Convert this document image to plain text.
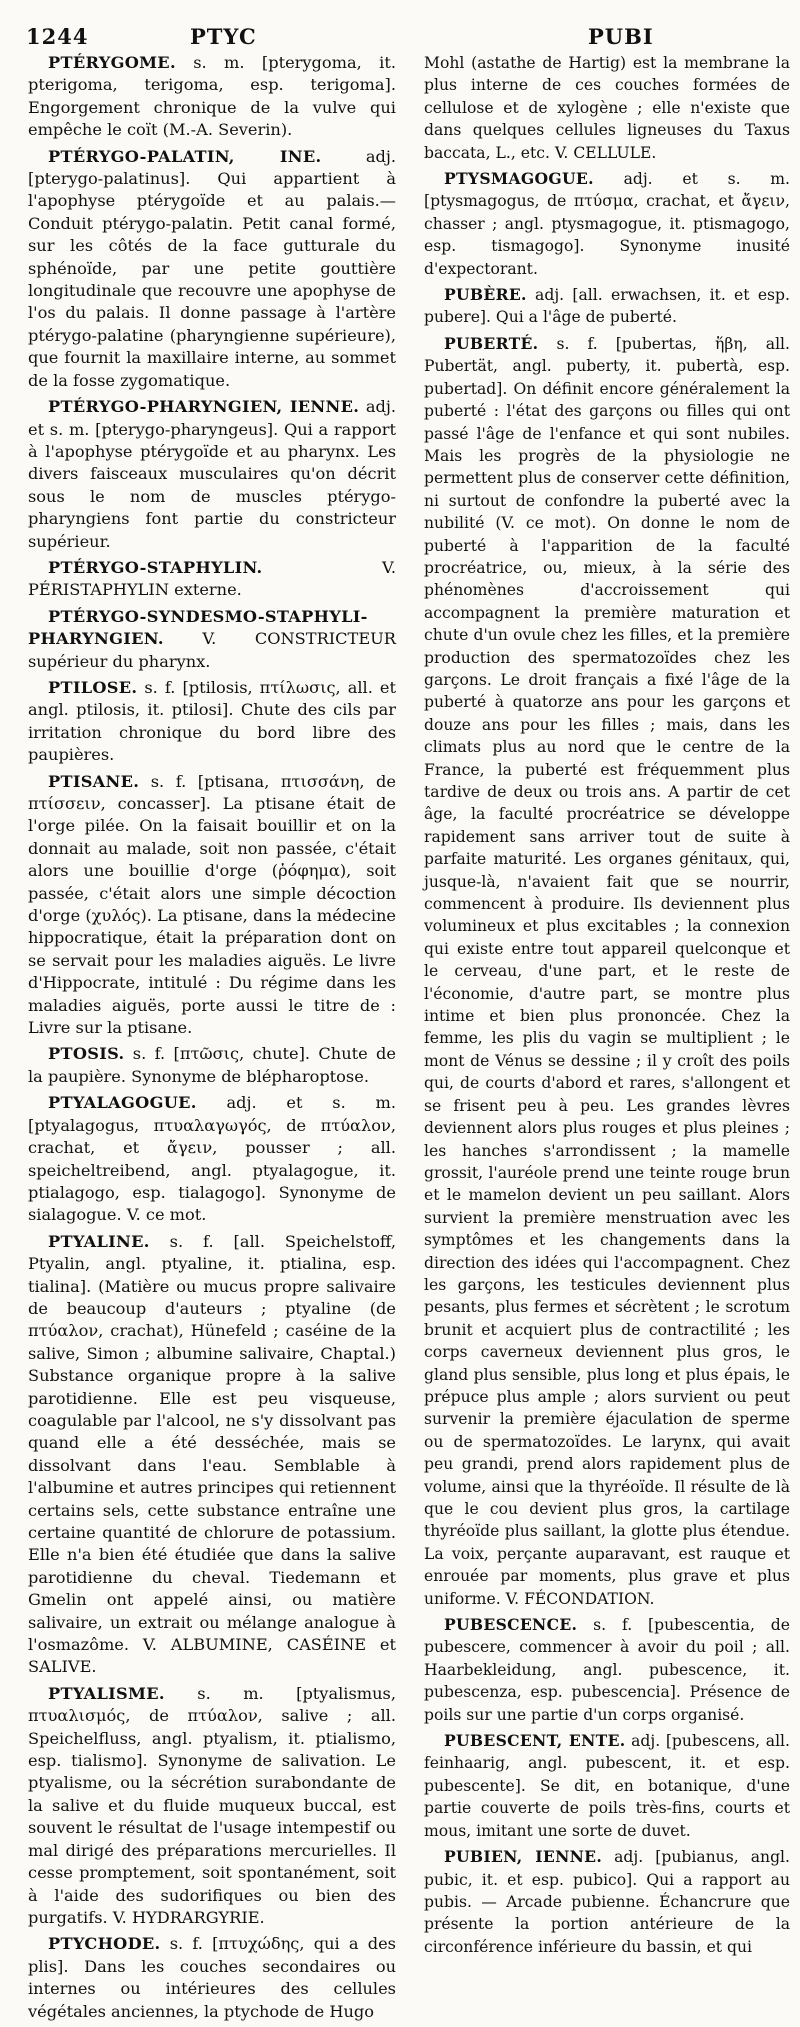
1244	PTYC	PUBI

PTÉRYGOME. s. m. [pterygoma, it. pterigoma, terigoma, esp. terigoma]. Engorgement chronique de la vulve qui empêche le coït (M.-A. Severin).

PTÉRYGO-PALATIN, INE.	adj. [pterygo-palatinus]. Qui appartient à l'apophyse ptérygoïde et au palais.— Conduit ptérygo-palatin. Petit canal formé, sur les côtés de la face gutturale du sphénoïde, par une petite gouttière longitudinale que recouvre une apophyse de l'os du palais. Il donne passage à l'artère ptérygo-palatine (pharyngienne supérieure), que fournit la maxillaire interne, au sommet de la fosse zygomatique.

PTÉRYGO-PHARYNGIEN, IENNE. adj. et s. m. [pterygo-pharyngeus]. Qui a rapport à l'apophyse ptérygoïde et au pharynx. Les divers faisceaux musculaires qu'on décrit sous le nom de muscles ptérygo-pharyngiens font partie du constricteur supérieur.

PTÉRYGO-STAPHYLIN.	V. PÉRISTAPHYLIN externe.

PTÉRYGO-SYNDESMO-STAPHYLI-PHARYNGIEN. V. CONSTRICTEUR supérieur du pharynx.

PTILOSE. s. f. [ptilosis, πτίλωσις, all. et angl. ptilosis, it. ptilosi]. Chute des cils par irritation chronique du bord libre des paupières.

PTISANE. s. f. [ptisana, πτισσάνη, de πτίσσειν, concasser]. La ptisane était de l'orge pilée. On la faisait bouillir et on la donnait au malade, soit non passée, c'était alors une bouillie d'orge (ῥόφημα), soit passée, c'était alors une simple décoction d'orge (χυλός). La ptisane, dans la médecine hippocratique, était la préparation dont on se servait pour les maladies aiguës. Le livre d'Hippocrate, intitulé : Du régime dans les maladies aiguës, porte aussi le titre de : Livre sur la ptisane.

PTOSIS. s. f. [πτῶσις, chute]. Chute de la paupière. Synonyme de blépharoptose.

PTYALAGOGUE. adj. et s. m. [ptyalagogus, πτυαλαγωγός, de πτύαλον, crachat, et ἄγειν, pousser ; all. speicheltreibend, angl. ptyalagogue, it. ptialagogo, esp. tialagogo]. Synonyme de sialagogue. V. ce mot.

PTYALINE. s. f. [all. Speichelstoff, Ptyalin, angl. ptyaline, it. ptialina, esp. tialina]. (Matière ou mucus propre salivaire de beaucoup d'auteurs ; ptyaline (de πτύαλον, crachat), Hünefeld ; caséine de la salive, Simon ; albumine salivaire, Chaptal.) Substance organique propre à la salive parotidienne. Elle est peu visqueuse, coagulable par l'alcool, ne s'y dissolvant pas quand elle a été desséchée, mais se dissolvant dans l'eau. Semblable à l'albumine et autres principes qui retiennent certains sels, cette substance entraîne une certaine quantité de chlorure de potassium. Elle n'a bien été étudiée que dans la salive parotidienne du cheval. Tiedemann et Gmelin ont appelé ainsi, ou matière salivaire, un extrait ou mélange analogue à l'osmazôme. V. ALBUMINE, CASÉINE et SALIVE.

PTYALISME. s. m. [ptyalismus, πτυαλισμός, de πτύαλον, salive ; all. Speichelfluss, angl. ptyalism, it. ptialismo, esp. tialismo]. Synonyme de salivation. Le ptyalisme, ou la sécrétion surabondante de la salive et du fluide muqueux buccal, est souvent le résultat de l'usage intempestif ou mal dirigé des préparations mercurielles. Il cesse promptement, soit spontanément, soit à l'aide des sudorifiques ou bien des purgatifs. V. HYDRARGYRIE.

PTYCHODE. s. f. [πτυχώδης, qui a des plis]. Dans les couches secondaires ou internes ou intérieures des cellules végétales anciennes, la ptychode de Hugo

Mohl (astathe de Hartig) est la membrane la plus interne de ces couches formées de cellulose et de xylogène ; elle n'existe que dans quelques cellules ligneuses du Taxus baccata, L., etc. V. CELLULE.

PTYSMAGOGUE. adj. et s. m. [ptysmagogus, de πτύσμα, crachat, et ἄγειν, chasser ; angl. ptysmagogue, it. ptismagogo, esp. tismagogo]. Synonyme inusité d'expectorant.

PUBÈRE. adj. [all. erwachsen, it. et esp. pubere]. Qui a l'âge de puberté.

PUBERTÉ. s. f. [pubertas, ἥβη, all. Pubertät, angl. puberty, it. pubertà, esp. pubertad]. On définit encore généralement la puberté : l'état des garçons ou filles qui ont passé l'âge de l'enfance et qui sont nubiles. Mais les progrès de la physiologie ne permettent plus de conserver cette définition, ni surtout de confondre la puberté avec la nubilité (V. ce mot). On donne le nom de puberté à l'apparition de la faculté procréatrice, ou, mieux, à la série des phénomènes d'accroissement qui accompagnent la première maturation et chute d'un ovule chez les filles, et la première production des spermatozoïdes chez les garçons. Le droit français a fixé l'âge de la puberté à quatorze ans pour les garçons et douze ans pour les filles ; mais, dans les climats plus au nord que le centre de la France, la puberté est fréquemment plus tardive de deux ou trois ans. A partir de cet âge, la faculté procréatrice se développe rapidement sans arriver tout de suite à parfaite maturité. Les organes génitaux, qui, jusque-là, n'avaient fait que se nourrir, commencent à produire. Ils deviennent plus volumineux et plus excitables ; la connexion qui existe entre tout appareil quelconque et le cerveau, d'une part, et le reste de l'économie, d'autre part, se montre plus intime et bien plus prononcée. Chez la femme, les plis du vagin se multiplient ; le mont de Vénus se dessine ; il y croît des poils qui, de courts d'abord et rares, s'allongent et se frisent peu à peu. Les grandes lèvres deviennent alors plus rouges et plus pleines ; les hanches s'arrondissent ; la mamelle grossit, l'auréole prend une teinte rouge brun et le mamelon devient un peu saillant. Alors survient la première menstruation avec les symptômes et les changements dans la direction des idées qui l'accompagnent. Chez les garçons, les testicules deviennent plus pesants, plus fermes et sécrètent ; le scrotum brunit et acquiert plus de contractilité ; les corps caverneux deviennent plus gros, le gland plus sensible, plus long et plus épais, le prépuce plus ample ; alors survient ou peut survenir la première éjaculation de sperme ou de spermatozoïdes. Le larynx, qui avait peu grandi, prend alors rapidement plus de volume, ainsi que la thyréoïde. Il résulte de là que le cou devient plus gros, la cartilage thyréoïde plus saillant, la glotte plus étendue. La voix, perçante auparavant, est rauque et enrouée par moments, plus grave et plus uniforme. V. FÉCONDATION.

PUBESCENCE. s. f. [pubescentia, de pubescere, commencer à avoir du poil ; all. Haarbekleidung, angl. pubescence, it. pubescenza, esp. pubescencia]. Présence de poils sur une partie d'un corps organisé.

PUBESCENT, ENTE. adj. [pubescens, all. feinhaarig, angl. pubescent, it. et esp. pubescente]. Se dit, en botanique, d'une partie couverte de poils très-fins, courts et mous, imitant une sorte de duvet.

PUBIEN, IENNE. adj. [pubianus, angl. pubic, it. et esp. pubico]. Qui a rapport au pubis. — Arcade pubienne. Échancrure que présente la portion antérieure de la circonférence inférieure du bassin, et qui
